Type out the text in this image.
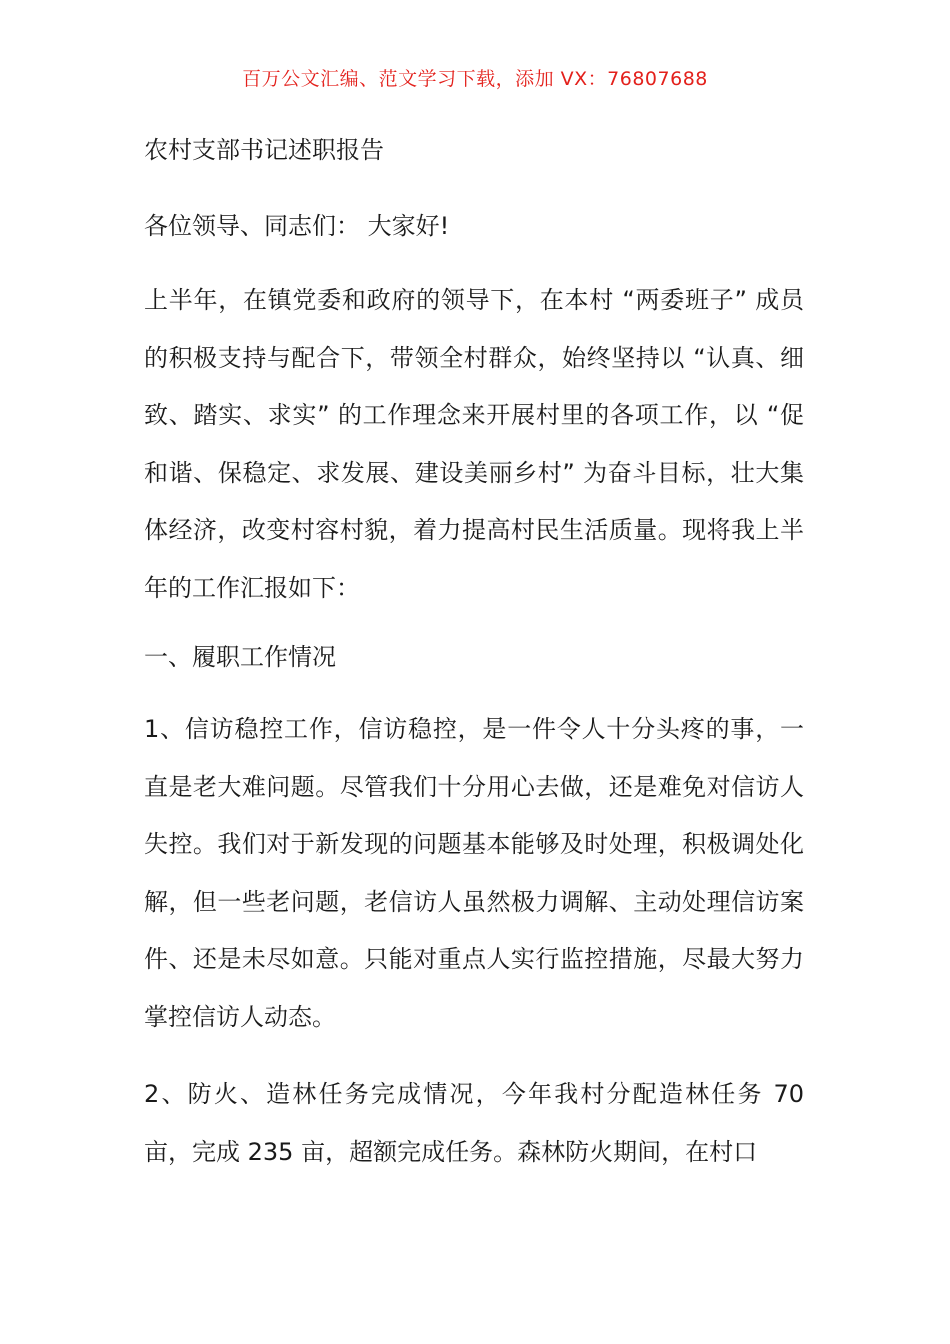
百万公文汇编、范文学习下载，添加 VX：76807688
农村支部书记述职报告
各位领导、同志们： 大家好!
上半年，在镇党委和政府的领导下，在本村 “两委班子” 成员的积极支持与配合下，带领全村群众，始终坚持以 “认真、细致、踏实、求实” 的工作理念来开展村里的各项工作，以 “促和谐、保稳定、求发展、建设美丽乡村” 为奋斗目标，壮大集体经济，改变村容村貌，着力提高村民生活质量。现将我上半年的工作汇报如下：
一、履职工作情况
1、信访稳控工作，信访稳控，是一件令人十分头疼的事，一直是老大难问题。尽管我们十分用心去做，还是难免对信访人失控。我们对于新发现的问题基本能够及时处理，积极调处化解，但一些老问题，老信访人虽然极力调解、主动处理信访案件、还是未尽如意。只能对重点人实行监控措施，尽最大努力掌控信访人动态。
2、防火、造林任务完成情况，今年我村分配造林任务 70 亩，完成 235 亩，超额完成任务。森林防火期间，在村口
